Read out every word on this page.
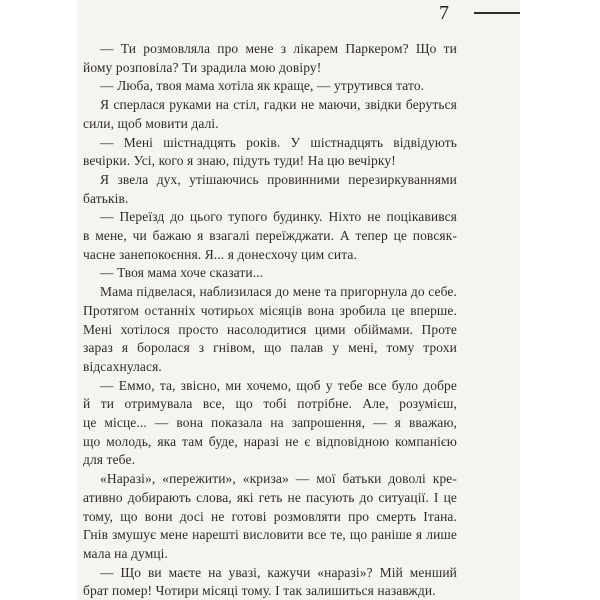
7
— Ти розмовляла про мене з лікарем Паркером? Що ти
йому розповіла? Ти зрадила мою довіру!
— Люба, твоя мама хотіла як краще, — утрутився тато.
Я сперлася руками на стіл, гадки не маючи, звідки беруться
сили, щоб мовити далі.
— Мені шістнадцять років. У шістнадцять відвідують
вечірки. Усі, кого я знаю, підуть туди! На цю вечірку!
Я звела дух, утішаючись провинними перезиркуваннями
батьків.
— Переїзд до цього тупого будинку. Ніхто не поцікавився
в мене, чи бажаю я взагалі переїжджати. А тепер це повсяк-
часне занепокоєння. Я... я донесхочу цим сита.
— Твоя мама хоче сказати...
Мама підвелася, наблизилася до мене та пригорнула до себе.
Протягом останніх чотирьох місяців вона зробила це вперше.
Мені хотілося просто насолодитися цими обіймами. Проте
зараз я боролася з гнівом, що палав у мені, тому трохи
відсахнулася.
— Еммо, та, звісно, ми хочемо, щоб у тебе все було добре
й ти отримувала все, що тобі потрібне. Але, розумієш,
це місце... — вона показала на запрошення, — я вважаю,
що молодь, яка там буде, наразі не є відповідною компанією
для тебе.
«Наразі», «пережити», «криза» — мої батьки доволі кре-
ативно добирають слова, які геть не пасують до ситуації. І це
тому, що вони досі не готові розмовляти про смерть Ітана.
Гнів змушує мене нарешті висловити все те, що раніше я лише
мала на думці.
— Що ви маєте на увазі, кажучи «наразі»? Мій менший
брат помер! Чотири місяці тому. І так залишиться назавжди.
